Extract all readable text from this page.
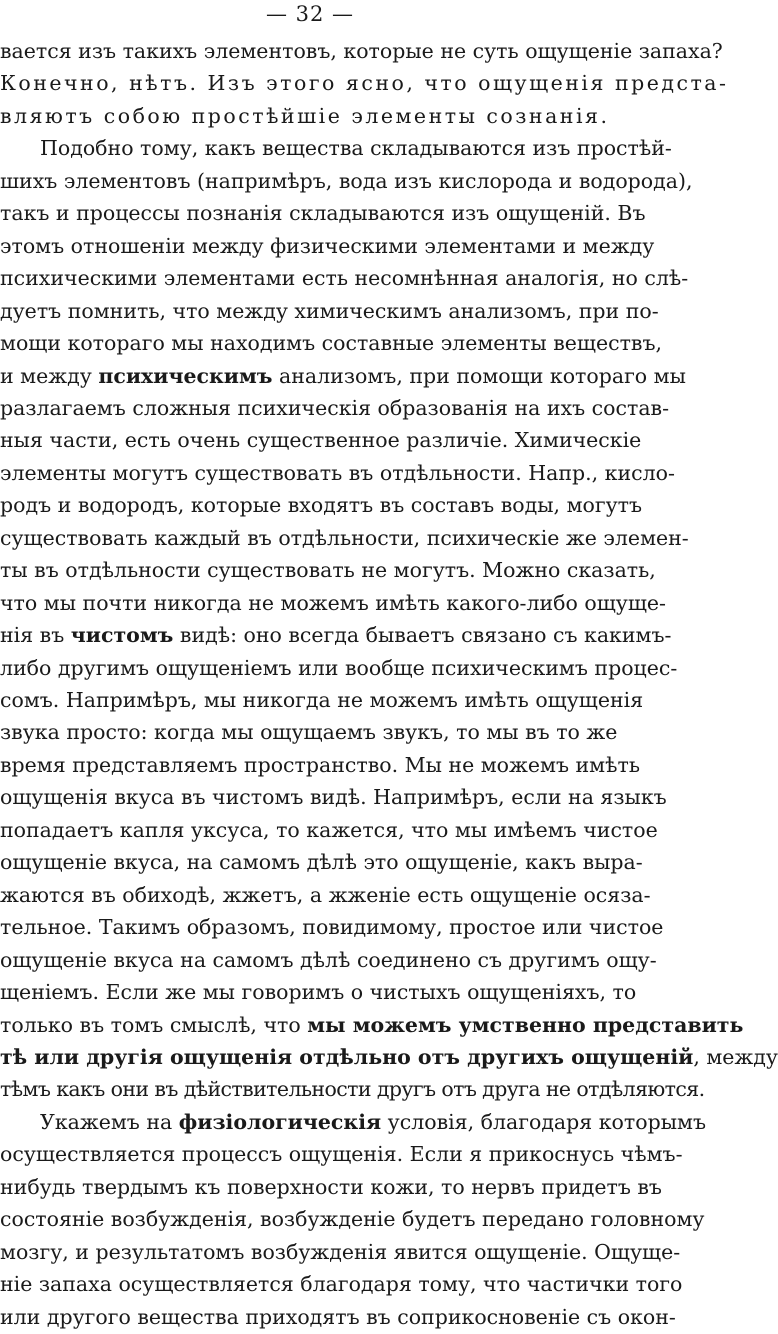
— 32 —
вается изъ такихъ элементовъ, которые не суть ощущеніе запаха?
Конечно, нѣтъ. Изъ этого ясно, что ощущенія предста-
вляютъ собою простѣйшіе элементы сознанія.
Подобно тому, какъ вещества складываются изъ простѣй-
шихъ элементовъ (напримѣръ, вода изъ кислорода и водорода),
такъ и процессы познанія складываются изъ ощущеній. Въ
этомъ отношеніи между физическими элементами и между
психическими элементами есть несомнѣнная аналогія, но слѣ-
дуетъ помнить, что между химическимъ анализомъ, при по-
мощи котораго мы находимъ составные элементы веществъ,
и между психическимъ анализомъ, при помощи котораго мы
разлагаемъ сложныя психическія образованія на ихъ состав-
ныя части, есть очень существенное различіе. Химическіе
элементы могутъ существовать въ отдѣльности. Напр., кисло-
родъ и водородъ, которые входятъ въ составъ воды, могутъ
существовать каждый въ отдѣльности, психическіе же элемен-
ты въ отдѣльности существовать не могутъ. Можно сказать,
что мы почти никогда не можемъ имѣть какого-либо ощуще-
нія въ чистомъ видѣ: оно всегда бываетъ связано съ какимъ-
либо другимъ ощущеніемъ или вообще психическимъ процес-
сомъ. Напримѣръ, мы никогда не можемъ имѣть ощущенія
звука просто: когда мы ощущаемъ звукъ, то мы въ то же
время представляемъ пространство. Мы не можемъ имѣть
ощущенія вкуса въ чистомъ видѣ. Напримѣръ, если на языкъ
попадаетъ капля уксуса, то кажется, что мы имѣемъ чистое
ощущеніе вкуса, на самомъ дѣлѣ это ощущеніе, какъ выра-
жаются въ обиходѣ, жжетъ, а жженіе есть ощущеніе осяза-
тельное. Такимъ образомъ, повидимому, простое или чистое
ощущеніе вкуса на самомъ дѣлѣ соединено съ другимъ ощу-
щеніемъ. Если же мы говоримъ о чистыхъ ощущеніяхъ, то
только въ томъ смыслѣ, что мы можемъ умственно представить
тѣ или другія ощущенія отдѣльно отъ другихъ ощущеній, между
тѣмъ какъ они въ дѣйствительности другъ отъ друга не отдѣляются.
Укажемъ на физіологическія условія, благодаря которымъ
осуществляется процессъ ощущенія. Если я прикоснусь чѣмъ-
нибудь твердымъ къ поверхности кожи, то нервъ придетъ въ
состояніе возбужденія, возбужденіе будетъ передано головному
мозгу, и результатомъ возбужденія явится ощущеніе. Ощуще-
ніе запаха осуществляется благодаря тому, что частички того
или другого вещества приходятъ въ соприкосновеніе съ окон-
